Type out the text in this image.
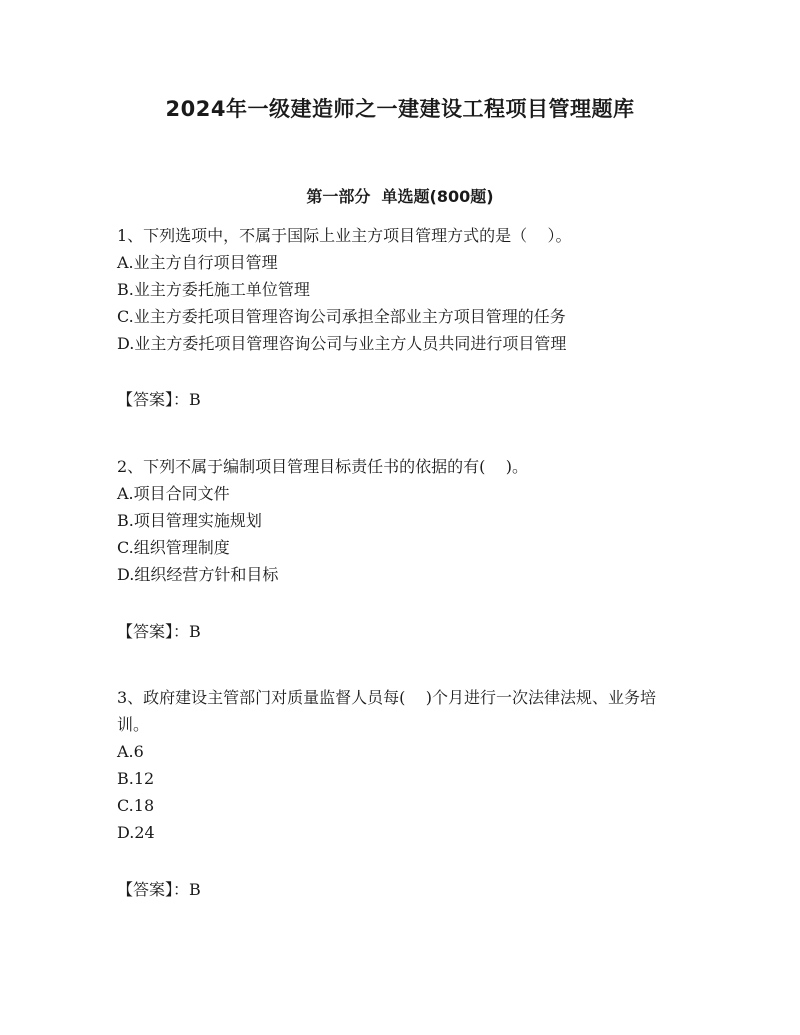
2024年一级建造师之一建建设工程项目管理题库
第一部分  单选题(800题)

1、下列选项中，不属于国际上业主方项目管理方式的是（    ）。

A.业主方自行项目管理

B.业主方委托施工单位管理

C.业主方委托项目管理咨询公司承担全部业主方项目管理的任务

D.业主方委托项目管理咨询公司与业主方人员共同进行项目管理

【答案】：B

2、下列不属于编制项目管理目标责任书的依据的有(    )。

A.项目合同文件

B.项目管理实施规划

C.组织管理制度

D.组织经营方针和目标

【答案】：B

3、政府建设主管部门对质量监督人员每(    )个月进行一次法律法规、业务培训。

A.6

B.12

C.18

D.24

【答案】：B
